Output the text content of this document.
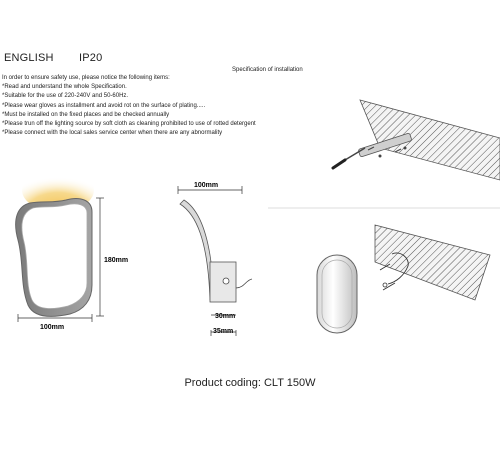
ENGLISH IP20
Specification of installation
In order to ensure safety use, please notice the following items:
*Read and understand the whole Specification.
*Suitable for the use of 220-240V and 50-60Hz.
*Please wear gloves as installment and avoid rot on the surface of plating.....
*Must be installed on the fixed places and be checked annually
*Please trun off the lighting source by soft cloth as cleaning prohibited to use of rotted detergent
*Please connect with the local sales service center when there are any abnormality
180mm
100mm
100mm
30mm
35mm
Product coding: CLT 150W
